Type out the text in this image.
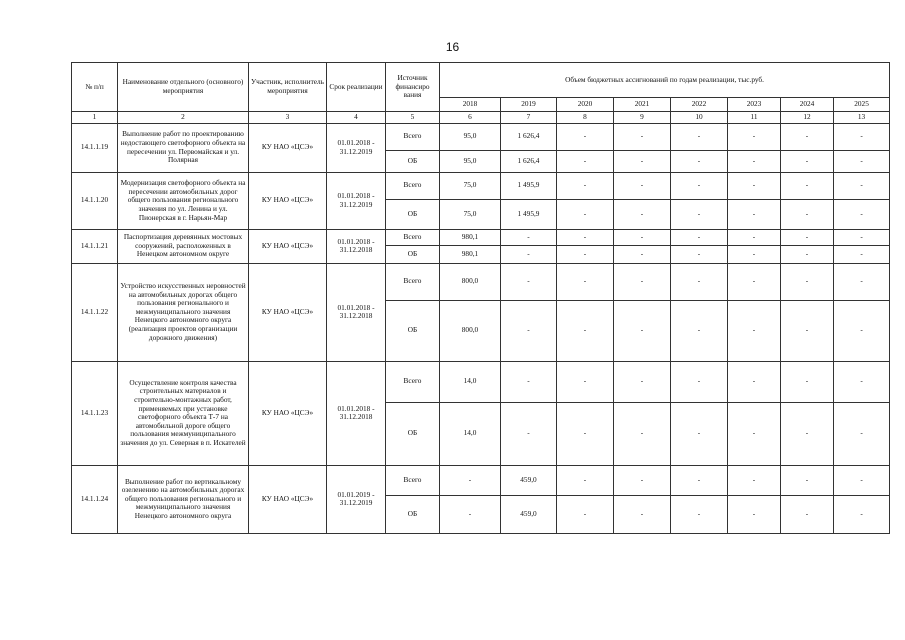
16
№ п/п	Наименование отдельного (основного) мероприятия	Участник, исполнитель мероприятия	Срок реализации	Источник финансиро вания	Объем бюджетных ассигнований по годам реализации, тыс.руб.							
					2018	2019	2020	2021	2022	2023	2024	2025
1	2	3	4	5	6	7	8	9	10	11	12	13
14.1.1.19	Выполнение работ по проектированию недостающего светофорного объекта на пересечении ул. Первомайская и ул. Полярная	КУ НАО «ЦСЭ»	01.01.2018 - 31.12.2019	Всего	95,0	1 626,4	-	-	-	-	-	-
				ОБ	95,0	1 626,4	-	-	-	-	-	-
14.1.1.20	Модернизация светофорного объекта на пересечении автомобильных дорог общего пользования регионального значения по ул. Ленина и ул. Пионерская в г. Нарьян-Мар	КУ НАО «ЦСЭ»	01.01.2018 - 31.12.2019	Всего	75,0	1 495,9	-	-	-	-	-	-
				ОБ	75,0	1 495,9	-	-	-	-	-	-
14.1.1.21	Паспортизация деревянных мостовых сооружений, расположенных в Ненецком автономном округе	КУ НАО «ЦСЭ»	01.01.2018 - 31.12.2018	Всего	980,1	-	-	-	-	-	-	-
				ОБ	980,1	-	-	-	-	-	-	-
14.1.1.22	Устройство искусственных неровностей на автомобильных дорогах общего пользования регионального и межмуниципального значения Ненецкого автономного округа (реализация проектов организации дорожного движения)	КУ НАО «ЦСЭ»	01.01.2018 - 31.12.2018	Всего	800,0	-	-	-	-	-	-	-
				ОБ	800,0	-	-	-	-	-	-	-
14.1.1.23	Осуществление контроля качества строительных материалов и строительно-монтажных работ, применяемых при установке светофорного объекта Т-7 на автомобильной дороге общего пользования межмуниципального значения до ул. Северная в п. Искателей	КУ НАО «ЦСЭ»	01.01.2018 - 31.12.2018	Всего	14,0	-	-	-	-	-	-	-
				ОБ	14,0	-	-	-	-	-	-	-
14.1.1.24	Выполнение работ по вертикальному озеленению на автомобильных дорогах общего пользования регионального и межмуниципального значения Ненецкого автономного округа	КУ НАО «ЦСЭ»	01.01.2019 - 31.12.2019	Всего	-	459,0	-	-	-	-	-	-
				ОБ	-	459,0	-	-	-	-	-	-
